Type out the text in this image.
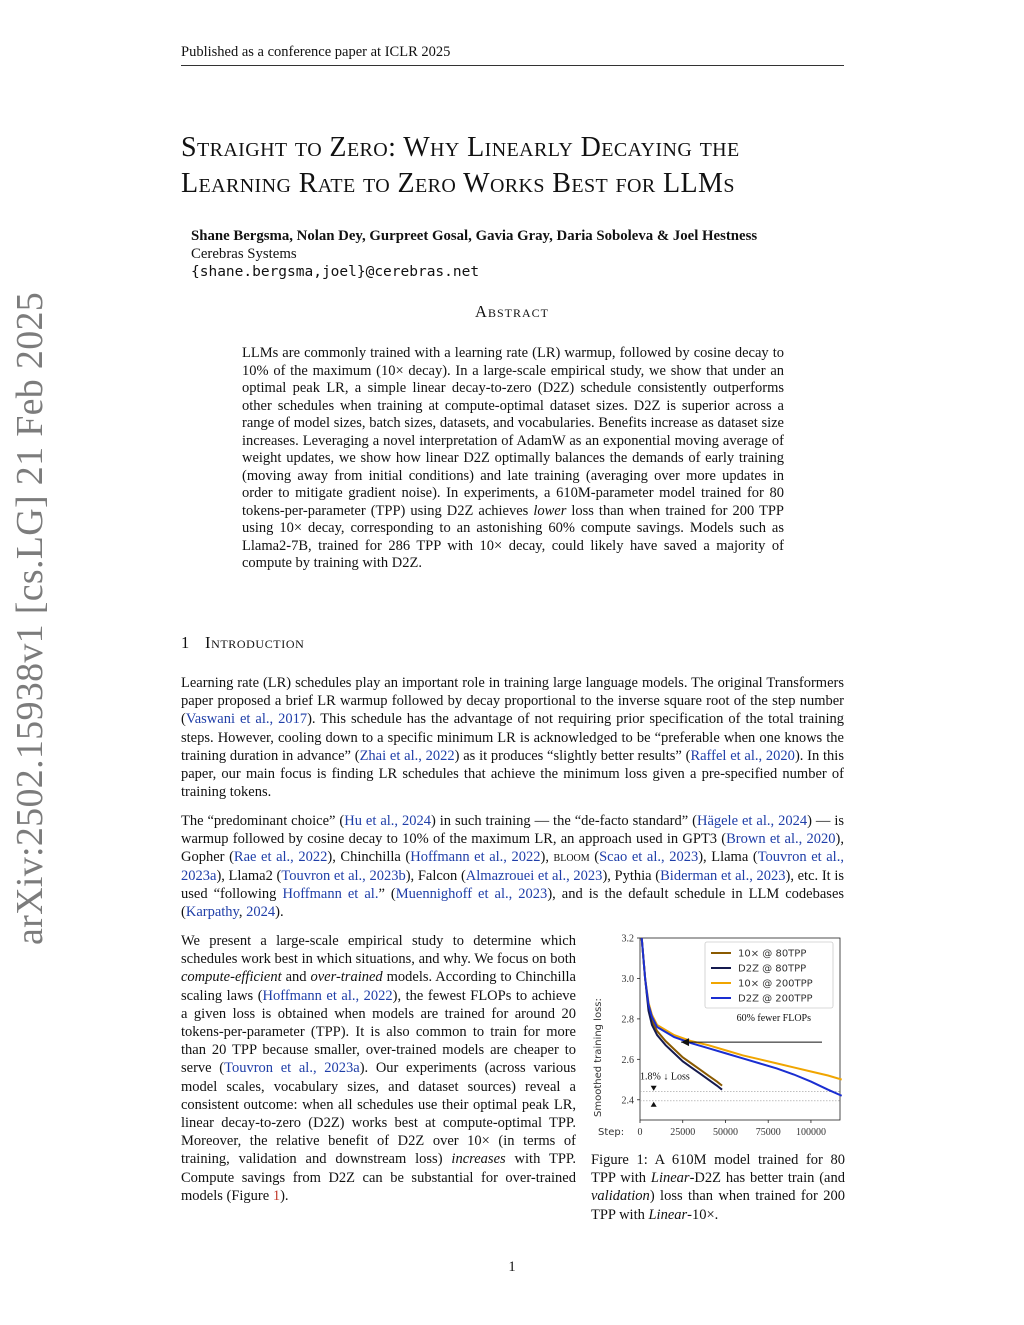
Published as a conference paper at ICLR 2025
arXiv:2502.15938v1 [cs.LG] 21 Feb 2025
Straight to Zero: Why Linearly Decaying the
Learning Rate to Zero Works Best for LLMs
Shane Bergsma, Nolan Dey, Gurpreet Gosal, Gavia Gray, Daria Soboleva & Joel Hestness
Cerebras Systems
{shane.bergsma,joel}@cerebras.net
Abstract
LLMs are commonly trained with a learning rate (LR) warmup, followed by cosine decay to 10% of the maximum (10× decay). In a large-scale empirical study, we show that under an optimal peak LR, a simple linear decay-to-zero (D2Z) schedule consistently outperforms other schedules when training at compute-optimal dataset sizes. D2Z is superior across a range of model sizes, batch sizes, datasets, and vocabularies. Benefits increase as dataset size increases. Leveraging a novel interpretation of AdamW as an exponential moving average of weight updates, we show how linear D2Z optimally balances the demands of early training (moving away from initial conditions) and late training (averaging over more updates in order to mitigate gradient noise). In experiments, a 610M-parameter model trained for 80 tokens-per-parameter (TPP) using D2Z achieves lower loss than when trained for 200 TPP using 10× decay, corresponding to an astonishing 60% compute savings. Models such as Llama2-7B, trained for 286 TPP with 10× decay, could likely have saved a majority of compute by training with D2Z.
1 Introduction
Learning rate (LR) schedules play an important role in training large language models. The original Transformers paper proposed a brief LR warmup followed by decay proportional to the inverse square root of the step number (Vaswani et al., 2017). This schedule has the advantage of not requiring prior specification of the total training steps. However, cooling down to a specific minimum LR is acknowledged to be “preferable when one knows the training duration in advance” (Zhai et al., 2022) as it produces “slightly better results” (Raffel et al., 2020). In this paper, our main focus is finding LR schedules that achieve the minimum loss given a pre-specified number of training tokens.
The “predominant choice” (Hu et al., 2024) in such training — the “de-facto standard” (Hägele et al., 2024) — is warmup followed by cosine decay to 10% of the maximum LR, an approach used in GPT3 (Brown et al., 2020), Gopher (Rae et al., 2022), Chinchilla (Hoffmann et al., 2022), bloom (Scao et al., 2023), Llama (Touvron et al., 2023a), Llama2 (Touvron et al., 2023b), Falcon (Almazrouei et al., 2023), Pythia (Biderman et al., 2023), etc. It is used “following Hoffmann et al.” (Muennighoff et al., 2023), and is the default schedule in LLM codebases (Karpathy, 2024).
We present a large-scale empirical study to determine which schedules work best in which situations, and why. We focus on both compute-efficient and over-trained models. According to Chinchilla scaling laws (Hoffmann et al., 2022), the fewest FLOPs to achieve a given loss is obtained when models are trained for around 20 tokens-per-parameter (TPP). It is also common to train for more than 20 TPP because smaller, over-trained models are cheaper to serve (Touvron et al., 2023a). Our experiments (across various model scales, vocabulary sizes, and dataset sources) reveal a consistent outcome: when all schedules use their optimal peak LR, linear decay-to-zero (D2Z) works best at compute-optimal TPP. Moreover, the relative benefit of D2Z over 10× (in terms of training, validation and downstream loss) increases with TPP. Compute savings from D2Z can be substantial for over-trained models (Figure 1).
3.2
3.0
2.8
2.6
2.4
0	25000 50000 75000 100000
Step:
Smoothed training loss:	60% fewer FLOPs
1.8% ↓ Loss
10× @ 80TPP
D2Z @ 80TPP
10× @ 200TPP
D2Z @ 200TPP
Figure 1: A 610M model trained for 80 TPP with Linear-D2Z has better train (and validation) loss than when trained for 200 TPP with Linear-10×.
1
